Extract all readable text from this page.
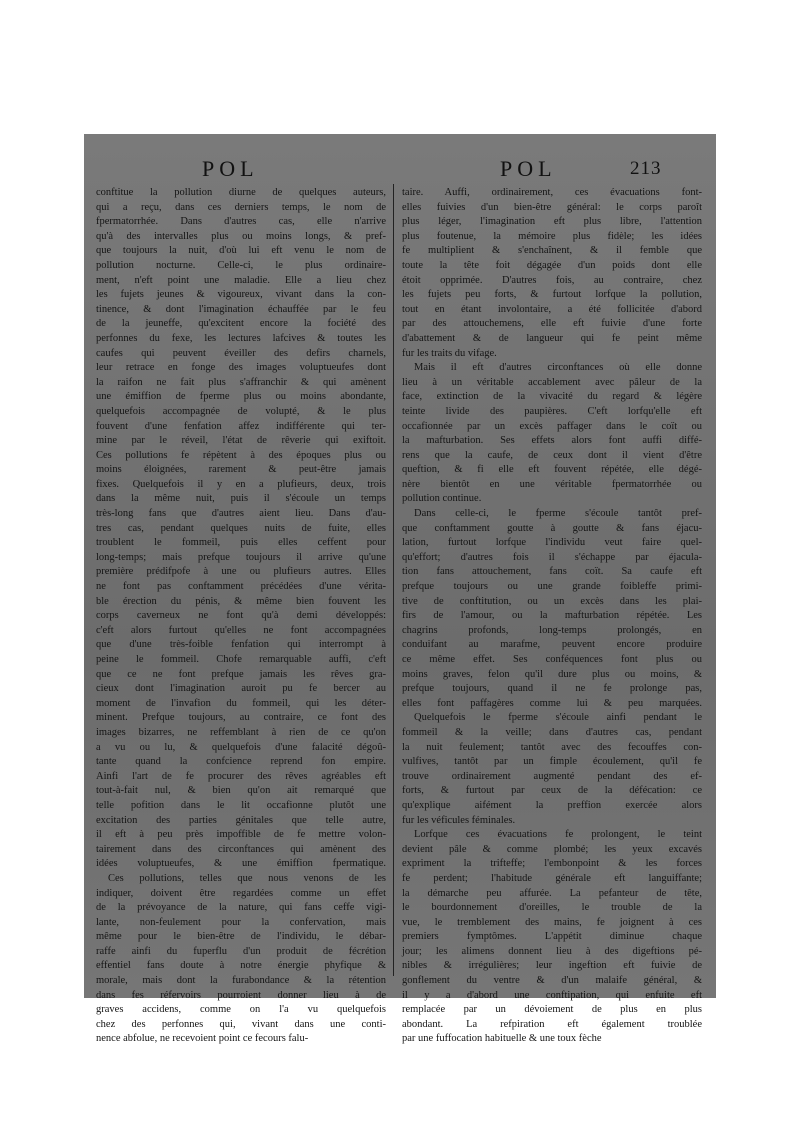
POL	POL	213
conftitue la pollution diurne de quelques auteurs,
qui a reçu, dans ces derniers temps, le nom de
fpermatorrhée. Dans d'autres cas, elle n'arrive
qu'à des intervalles plus ou moins longs, & pref-
que toujours la nuit, d'où lui eft venu le nom de
pollution nocturne. Celle-ci, le plus ordinaire-
ment, n'eft point une maladie. Elle a lieu chez
les fujets jeunes & vigoureux, vivant dans la con-
tinence, & dont l'imagination échauffée par le feu
de la jeuneffe, qu'excitent encore la fociété des
perfonnes du fexe, les lectures lafcives & toutes les
caufes qui peuvent éveiller des defirs charnels,
leur retrace en fonge des images voluptueufes dont
la raifon ne fait plus s'affranchir & qui amènent
une émiffion de fperme plus ou moins abondante,
quelquefois accompagnée de volupté, & le plus
fouvent d'une fenfation affez indifférente qui ter-
mine par le réveil, l'état de rêverie qui exiftoit.
Ces pollutions fe répètent à des époques plus ou
moins éloignées, rarement & peut-être jamais
fixes. Quelquefois il y en a plufieurs, deux, trois
dans la même nuit, puis il s'écoule un temps
très-long fans que d'autres aient lieu. Dans d'au-
tres cas, pendant quelques nuits de fuite, elles
troublent le fommeil, puis elles ceffent pour
long-temps; mais prefque toujours il arrive qu'une
première prédifpofe à une ou plufieurs autres. Elles
ne font pas conftamment précédées d'une vérita-
ble érection du pénis, & même bien fouvent les
corps caverneux ne font qu'à demi développés:
c'eft alors furtout qu'elles ne font accompagnées
que d'une très-foible fenfation qui interrompt à
peine le fommeil. Chofe remarquable auffi, c'eft
que ce ne font prefque jamais les rêves gra-
cieux dont l'imagination auroit pu fe bercer au
moment de l'invafion du fommeil, qui les déter-
minent. Prefque toujours, au contraire, ce font des
images bizarres, ne reffemblant à rien de ce qu'on
a vu ou lu, & quelquefois d'une falacité dégoû-
tante quand la confcience reprend fon empire.
Ainfi l'art de fe procurer des rêves agréables eft
tout-à-fait nul, & bien qu'on ait remarqué que
telle pofition dans le lit occafionne plutôt une
excitation des parties génitales que telle autre,
il eft à peu près impoffible de fe mettre volon-
tairement dans des circonftances qui amènent des
idées voluptueufes, & une émiffion fpermatique.
Ces pollutions, telles que nous venons de les
indiquer, doivent être regardées comme un effet
de la prévoyance de la nature, qui fans ceffe vigi-
lante, non-feulement pour la confervation, mais
même pour le bien-être de l'individu, le débar-
raffe ainfi du fuperflu d'un produit de fécrétion
effentiel fans doute à notre énergie phyfique &
morale, mais dont la furabondance & la rétention
dans fes réfervoirs pourroient donner lieu à de
graves accidens, comme on l'a vu quelquefois
chez des perfonnes qui, vivant dans une conti-
nence abfolue, ne recevoient point ce fecours falu-
taire. Auffi, ordinairement, ces évacuations font-
elles fuivies d'un bien-être général: le corps paroît
plus léger, l'imagination eft plus libre, l'attention
plus foutenue, la mémoire plus fidèle; les idées
fe multiplient & s'enchaînent, & il femble que
toute la tête foit dégagée d'un poids dont elle
étoit opprimée. D'autres fois, au contraire, chez
les fujets peu forts, & furtout lorfque la pollution,
tout en étant involontaire, a été follicitée d'abord
par des attouchemens, elle eft fuivie d'une forte
d'abattement & de langueur qui fe peint même
fur les traits du vifage.
Mais il eft d'autres circonftances où elle donne
lieu à un véritable accablement avec pâleur de la
face, extinction de la vivacité du regard & légère
teinte livide des paupières. C'eft lorfqu'elle eft
occafionnée par un excès paffager dans le coït ou
la mafturbation. Ses effets alors font auffi diffé-
rens que la caufe, de ceux dont il vient d'être
queftion, & fi elle eft fouvent répétée, elle dégé-
nère bientôt en une véritable fpermatorrhée ou
pollution continue.
Dans celle-ci, le fperme s'écoule tantôt pref-
que conftamment goutte à goutte & fans éjacu-
lation, furtout lorfque l'individu veut faire quel-
qu'effort; d'autres fois il s'échappe par éjacula-
tion fans attouchement, fans coït. Sa caufe eft
prefque toujours ou une grande foibleffe primi-
tive de conftitution, ou un excès dans les plai-
firs de l'amour, ou la mafturbation répétée. Les
chagrins profonds, long-temps prolongés, en
conduifant au marafme, peuvent encore produire
ce même effet. Ses conféquences font plus ou
moins graves, felon qu'il dure plus ou moins, &
prefque toujours, quand il ne fe prolonge pas,
elles font paffagères comme lui & peu marquées.
Quelquefois le fperme s'écoule ainfi pendant le
fommeil & la veille; dans d'autres cas, pendant
la nuit feulement; tantôt avec des fecouffes con-
vulfives, tantôt par un fimple écoulement, qu'il fe
trouve ordinairement augmenté pendant des ef-
forts, & furtout par ceux de la défécation: ce
qu'explique aifément la preffion exercée alors
fur les véficules féminales.
Lorfque ces évacuations fe prolongent, le teint
devient pâle & comme plombé; les yeux excavés
expriment la trifteffe; l'embonpoint & les forces
fe perdent; l'habitude générale eft languiffante;
la démarche peu affurée. La pefanteur de tête,
le bourdonnement d'oreilles, le trouble de la
vue, le tremblement des mains, fe joignent à ces
premiers fymptômes. L'appétit diminue chaque
jour; les alimens donnent lieu à des digeftions pé-
nibles & irrégulières; leur ingeftion eft fuivie de
gonflement du ventre & d'un malaife général, &
il y a d'abord une conftipation, qui enfuite eft
remplacée par un dévoiement de plus en plus
abondant. La refpiration eft également troublée
par une fuffocation habituelle & une toux fèche
